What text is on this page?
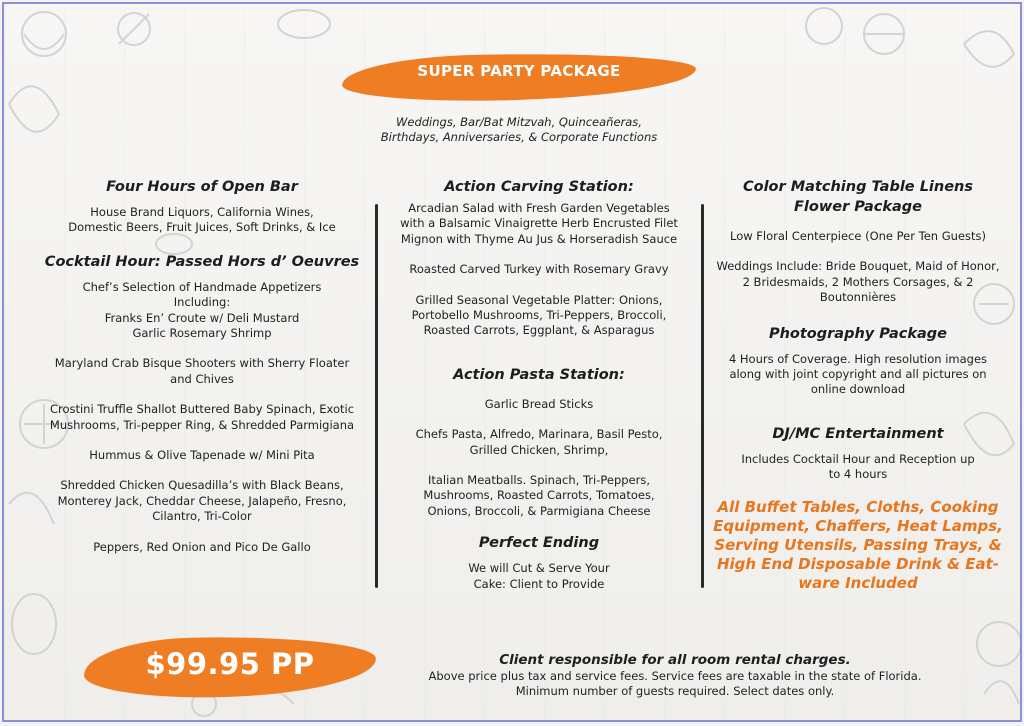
SUPER PARTY PACKAGE
Weddings, Bar/Bat Mitzvah, Quinceañeras,
Birthdays, Anniversaries, & Corporate Functions
Four Hours of Open Bar

House Brand Liquors, California Wines, Domestic Beers, Fruit Juices, Soft Drinks, & Ice

Cocktail Hour: Passed Hors d’ Oeuvres

Chef’s Selection of Handmade Appetizers Including:

Franks En’ Croute w/ Deli Mustard

Garlic Rosemary Shrimp

Maryland Crab Bisque Shooters with Sherry Floater and Chives

Crostini Truffle Shallot Buttered Baby Spinach, Exotic Mushrooms, Tri-pepper Ring, & Shredded Parmigiana

Hummus & Olive Tapenade w/ Mini Pita

Shredded Chicken Quesadilla’s with Black Beans, Monterey Jack, Cheddar Cheese, Jalapeño, Fresno, Cilantro, Tri-Color

Peppers, Red Onion and Pico De Gallo

Action Carving Station:

Arcadian Salad with Fresh Garden Vegetables with a Balsamic Vinaigrette Herb Encrusted Filet Mignon with Thyme Au Jus & Horseradish Sauce

Roasted Carved Turkey with Rosemary Gravy

Grilled Seasonal Vegetable Platter: Onions, Portobello Mushrooms, Tri-Peppers, Broccoli, Roasted Carrots, Eggplant, & Asparagus

Action Pasta Station:

Garlic Bread Sticks

Chefs Pasta, Alfredo, Marinara, Basil Pesto, Grilled Chicken, Shrimp,

Italian Meatballs. Spinach, Tri-Peppers, Mushrooms, Roasted Carrots, Tomatoes, Onions, Broccoli, & Parmigiana Cheese

Perfect Ending

We will Cut & Serve Your Cake: Client to Provide

Color Matching Table Linens Flower Package

Low Floral Centerpiece (One Per Ten Guests)

Weddings Include: Bride Bouquet, Maid of Honor, 2 Bridesmaids, 2 Mothers Corsages, & 2 Boutonnières

Photography Package

4 Hours of Coverage. High resolution images along with joint copyright and all pictures on online download

DJ/MC Entertainment

Includes Cocktail Hour and Reception up to 4 hours

All Buffet Tables, Cloths, Cooking Equipment, Chaffers, Heat Lamps, Serving Utensils, Passing Trays, & High End Disposable Drink & Eat-ware Included
$99.95 PP	Client responsible for all room rental charges.
Above price plus tax and service fees. Service fees are taxable in the state of Florida.
Minimum number of guests required. Select dates only.
